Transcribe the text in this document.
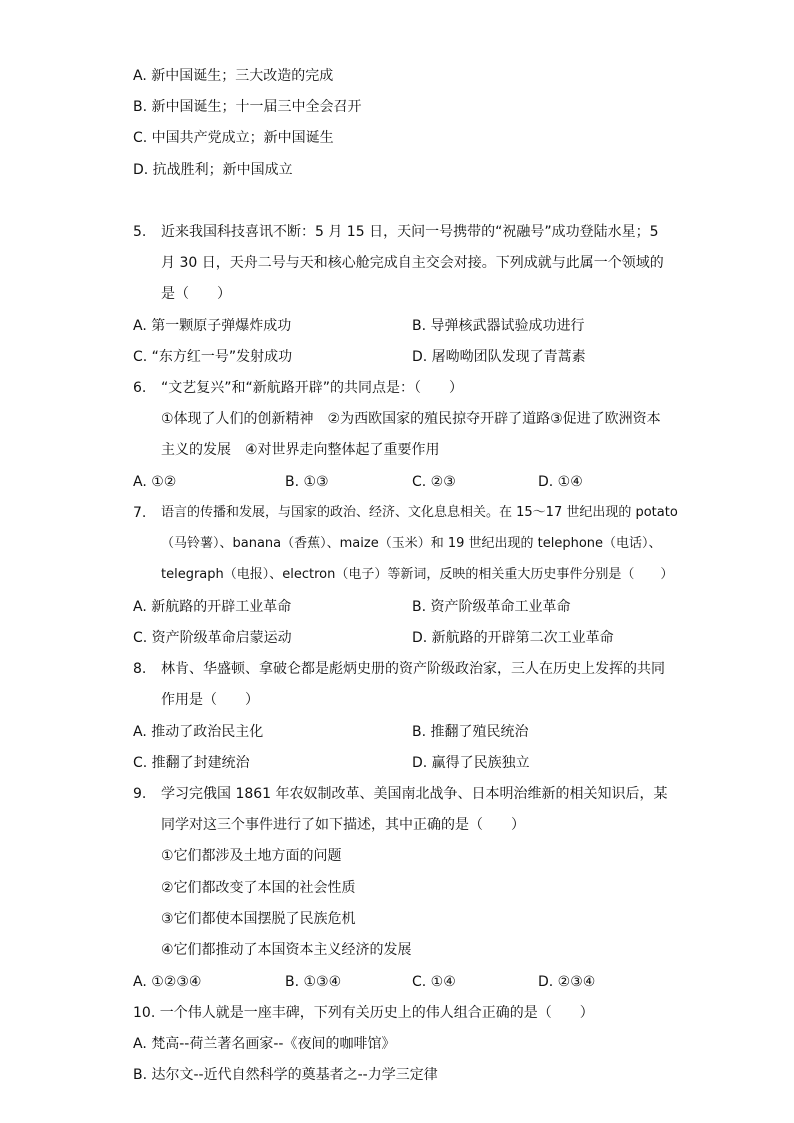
A. 新中国诞生；三大改造的完成
B. 新中国诞生；十一届三中全会召开
C. 中国共产党成立；新中国诞生
D. 抗战胜利；新中国成立
5. 近来我国科技喜讯不断：5 月 15 日，天问一号携带的“祝融号”成功登陆水星；5
月 30 日，天舟二号与天和核心舱完成自主交会对接。下列成就与此属一个领域的
是（　　）
A. 第一颗原子弹爆炸成功	B. 导弹核武器试验成功进行
C. “东方红一号”发射成功	D. 屠呦呦团队发现了青蒿素
6. “文艺复兴”和“新航路开辟”的共同点是：（　　）
①体现了人们的创新精神　②为西欧国家的殖民掠夺开辟了道路③促进了欧洲资本
主义的发展　④对世界走向整体起了重要作用
A. ①②	B. ①③	C. ②③	D. ①④
7. 语言的传播和发展，与国家的政治、经济、文化息息相关。在 15～17 世纪出现的 potato
（马铃薯）、banana（香蕉）、maize（玉米）和 19 世纪出现的 telephone（电话）、
telegraph（电报）、electron（电子）等新词，反映的相关重大历史事件分别是（　　）
A. 新航路的开辟工业革命	B. 资产阶级革命工业革命
C. 资产阶级革命启蒙运动	D. 新航路的开辟第二次工业革命
8. 林肯、华盛顿、拿破仑都是彪炳史册的资产阶级政治家，三人在历史上发挥的共同
作用是（　　）
A. 推动了政治民主化	B. 推翻了殖民统治
C. 推翻了封建统治	D. 赢得了民族独立
9. 学习完俄国 1861 年农奴制改革、美国南北战争、日本明治维新的相关知识后，某
同学对这三个事件进行了如下描述，其中正确的是（　　）
①它们都涉及土地方面的问题
②它们都改变了本国的社会性质
③它们都使本国摆脱了民族危机
④它们都推动了本国资本主义经济的发展
A. ①②③④	B. ①③④	C. ①④	D. ②③④
10. 一个伟人就是一座丰碑，下列有关历史上的伟人组合正确的是（　　）
A. 梵高--荷兰著名画家--《夜间的咖啡馆》
B. 达尔文--近代自然科学的奠基者之--力学三定律
